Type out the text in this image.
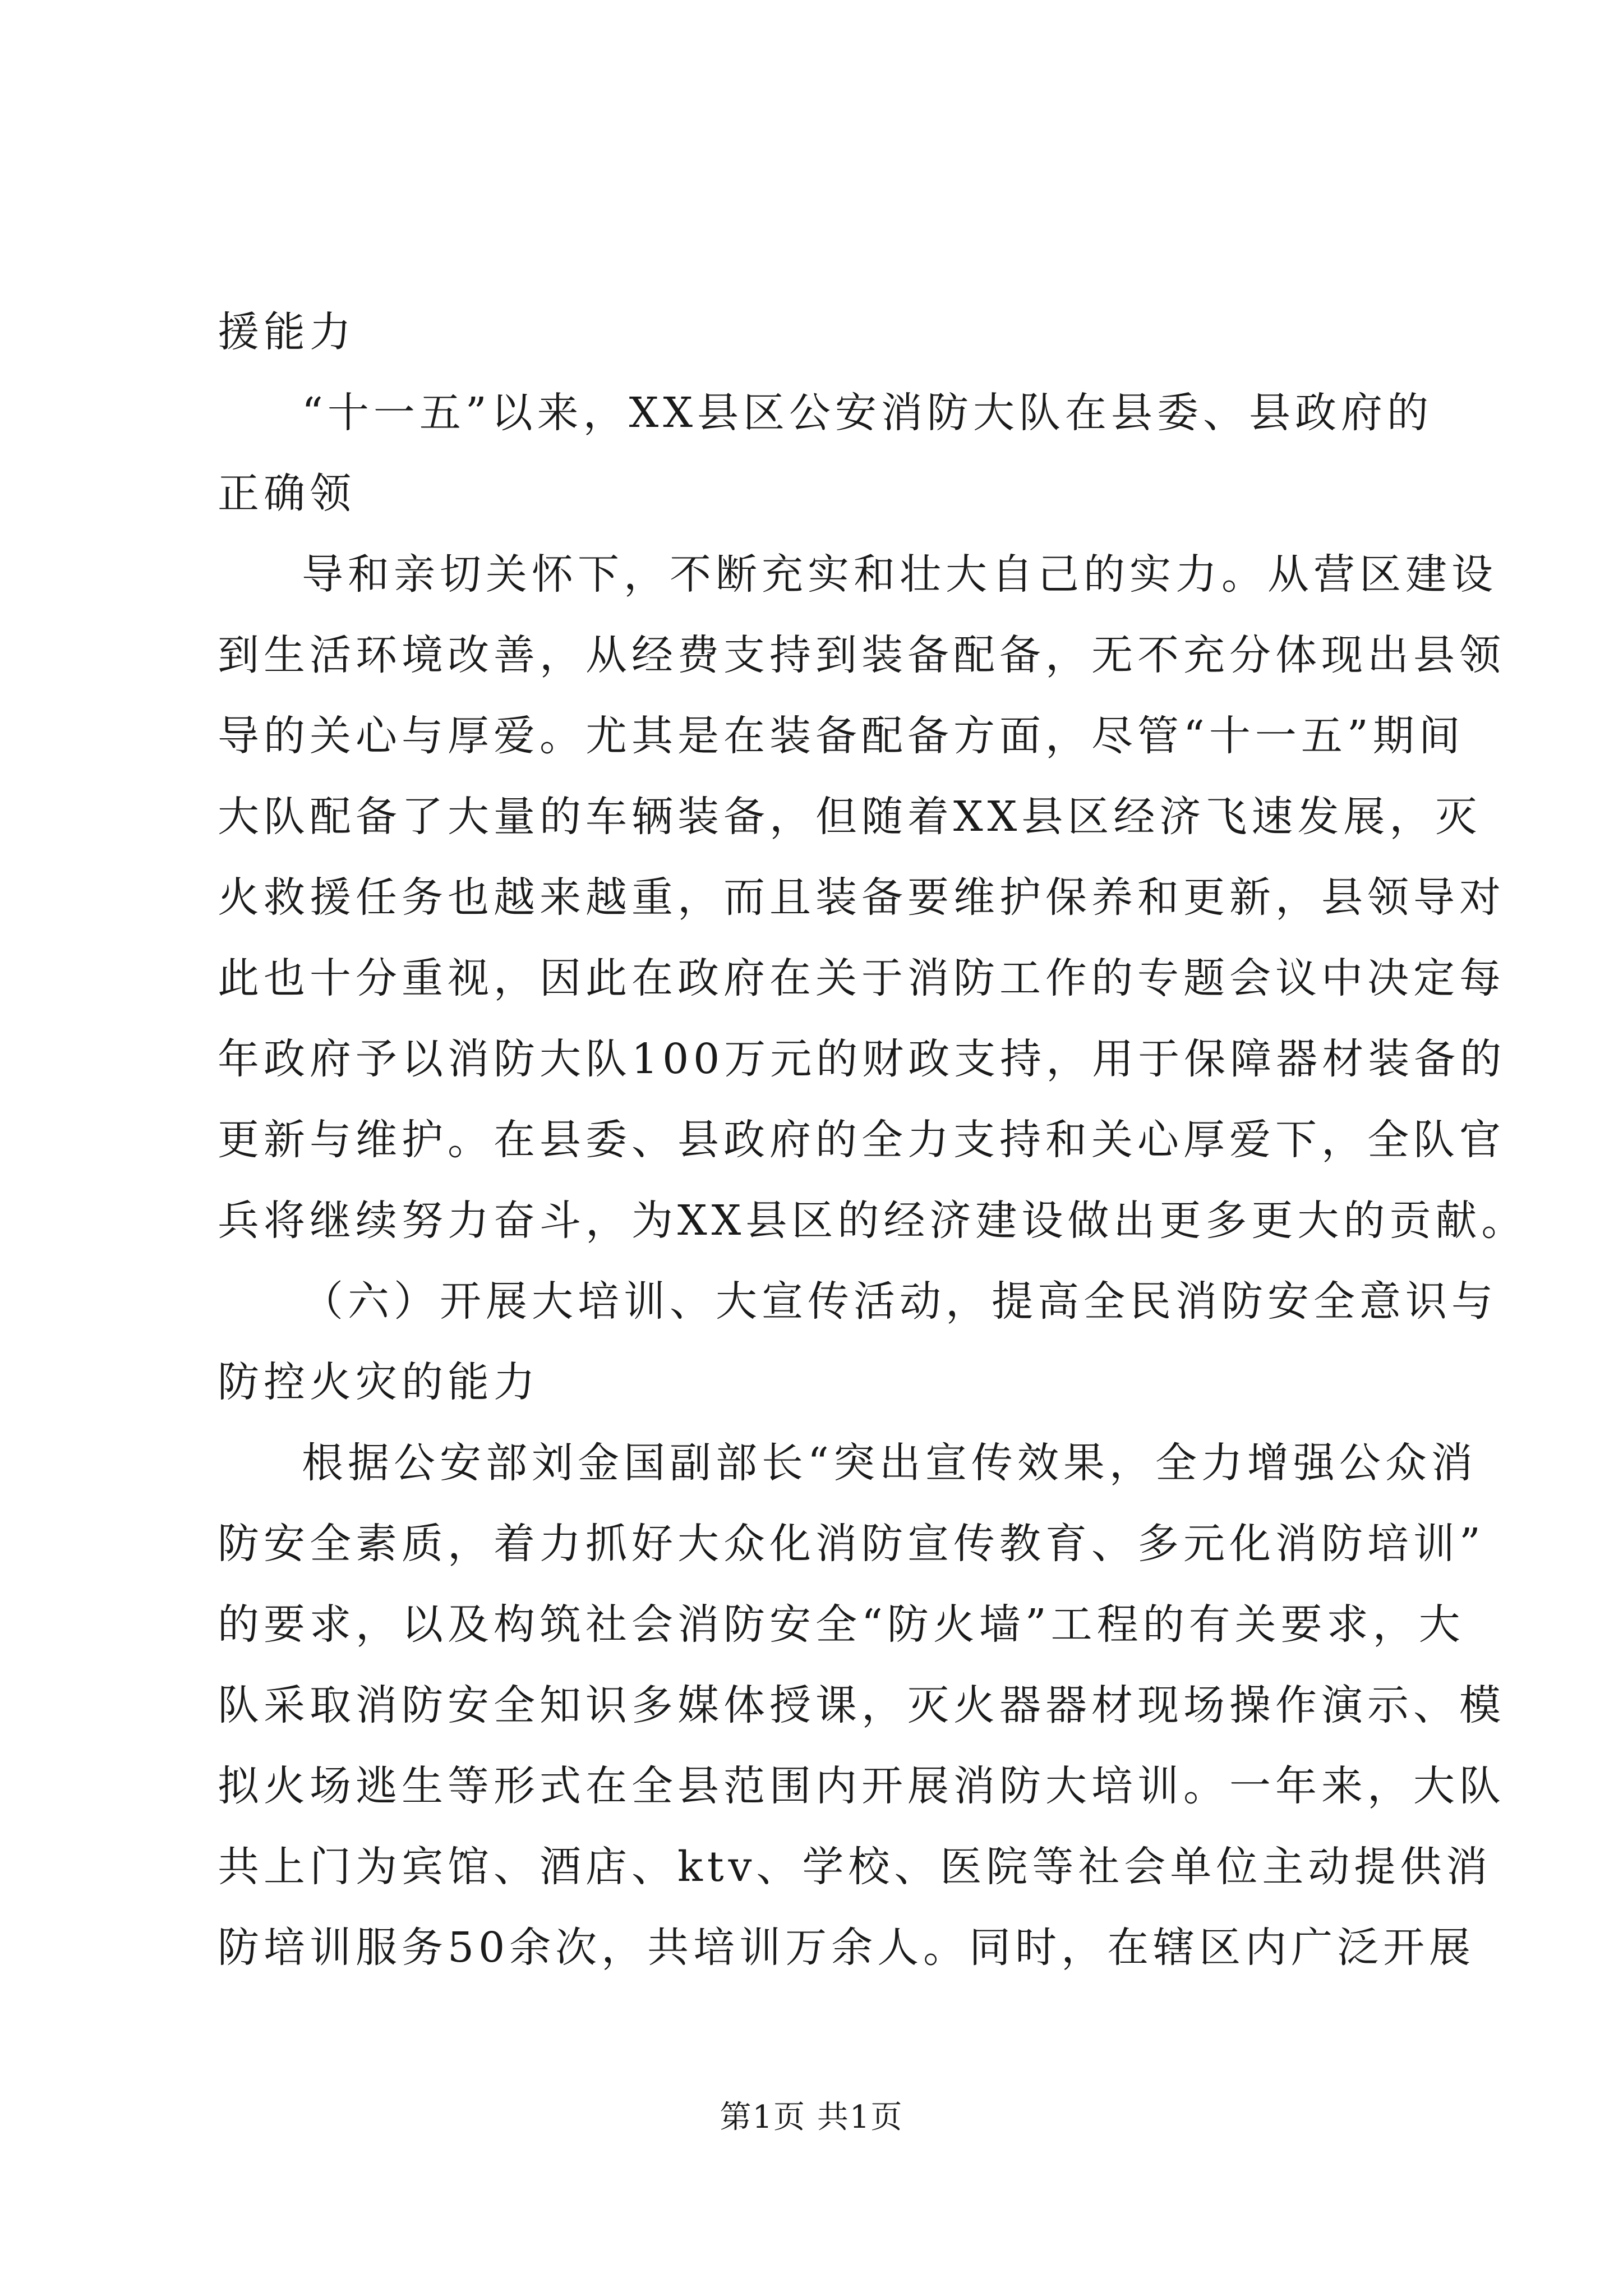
援能力
“十一五”以来，XX县区公安消防大队在县委、县政府的
正确领
导和亲切关怀下，不断充实和壮大自己的实力。从营区建设
到生活环境改善，从经费支持到装备配备，无不充分体现出县领
导的关心与厚爱。尤其是在装备配备方面，尽管“十一五”期间
大队配备了大量的车辆装备，但随着XX县区经济飞速发展，灭
火救援任务也越来越重，而且装备要维护保养和更新，县领导对
此也十分重视，因此在政府在关于消防工作的专题会议中决定每
年政府予以消防大队100万元的财政支持，用于保障器材装备的
更新与维护。在县委、县政府的全力支持和关心厚爱下，全队官
兵将继续努力奋斗，为XX县区的经济建设做出更多更大的贡献。
（六）开展大培训、大宣传活动，提高全民消防安全意识与
防控火灾的能力
根据公安部刘金国副部长“突出宣传效果，全力增强公众消
防安全素质，着力抓好大众化消防宣传教育、多元化消防培训”
的要求，以及构筑社会消防安全“防火墙”工程的有关要求，大
队采取消防安全知识多媒体授课，灭火器器材现场操作演示、模
拟火场逃生等形式在全县范围内开展消防大培训。一年来，大队
共上门为宾馆、酒店、ktv、学校、医院等社会单位主动提供消
防培训服务50余次，共培训万余人。同时，在辖区内广泛开展
第1页 共1页
